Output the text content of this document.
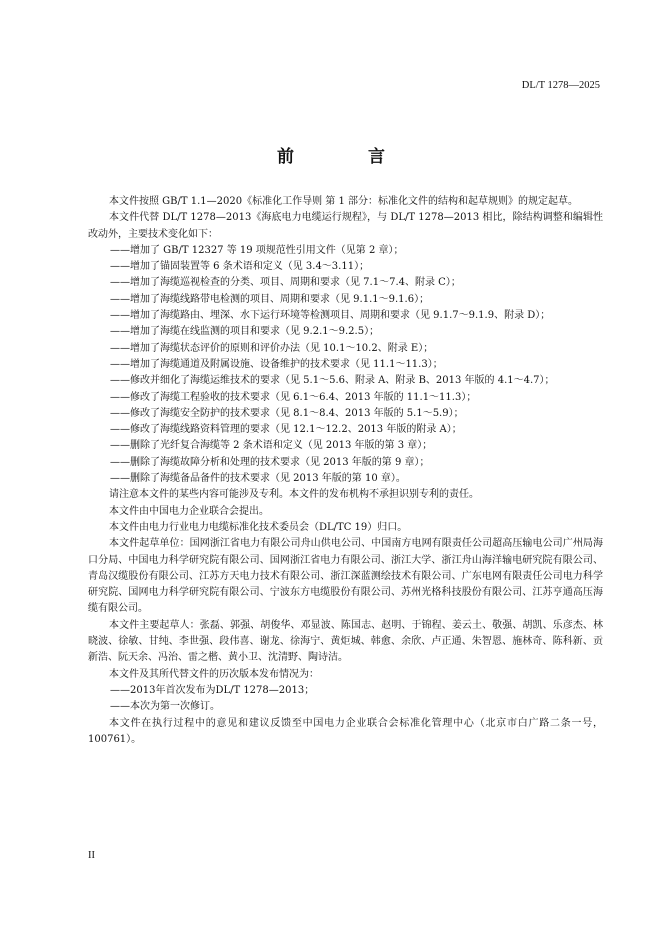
DL/T 1278—2025
前 言

本文件按照 GB/T 1.1—2020《标准化工作导则 第 1 部分：标准化文件的结构和起草规则》的规定起草。

本文件代替 DL/T 1278—2013《海底电力电缆运行规程》，与 DL/T 1278—2013 相比，除结构调整和编辑性改动外，主要技术变化如下：

——增加了 GB/T 12327 等 19 项规范性引用文件（见第 2 章）；

——增加了锚固装置等 6 条术语和定义（见 3.4～3.11）；

——增加了海缆巡视检查的分类、项目、周期和要求（见 7.1～7.4、附录 C）；

——增加了海缆线路带电检测的项目、周期和要求（见 9.1.1～9.1.6）；

——增加了海缆路由、埋深、水下运行环境等检测项目、周期和要求（见 9.1.7～9.1.9、附录 D）；

——增加了海缆在线监测的项目和要求（见 9.2.1～9.2.5）；

——增加了海缆状态评价的原则和评价办法（见 10.1～10.2、附录 E）；

——增加了海缆通道及附属设施、设备维护的技术要求（见 11.1～11.3）；

——修改并细化了海缆运维技术的要求（见 5.1～5.6、附录 A、附录 B、2013 年版的 4.1～4.7）；

——修改了海缆工程验收的技术要求（见 6.1～6.4、2013 年版的 11.1～11.3）；

——修改了海缆安全防护的技术要求（见 8.1～8.4、2013 年版的 5.1～5.9）；

——修改了海缆线路资料管理的要求（见 12.1～12.2、2013 年版的附录 A）；

——删除了光纤复合海缆等 2 条术语和定义（见 2013 年版的第 3 章）；

——删除了海缆故障分析和处理的技术要求（见 2013 年版的第 9 章）；

——删除了海缆备品备件的技术要求（见 2013 年版的第 10 章）。

请注意本文件的某些内容可能涉及专利。本文件的发布机构不承担识别专利的责任。

本文件由中国电力企业联合会提出。

本文件由电力行业电力电缆标准化技术委员会（DL/TC 19）归口。

本文件起草单位：国网浙江省电力有限公司舟山供电公司、中国南方电网有限责任公司超高压输电公司广州局海口分局、中国电力科学研究院有限公司、国网浙江省电力有限公司、浙江大学、浙江舟山海洋输电研究院有限公司、青岛汉缆股份有限公司、江苏方天电力技术有限公司、浙江深蓝测绘技术有限公司、广东电网有限责任公司电力科学研究院、国网电力科学研究院有限公司、宁波东方电缆股份有限公司、苏州光格科技股份有限公司、江苏亨通高压海缆有限公司。

本文件主要起草人：张磊、郭强、胡俊华、邓显波、陈国志、赵明、于锦程、姜云土、敬强、胡凯、乐彦杰、林晓波、徐敏、甘纯、李世强、段伟喜、谢龙、徐海宁、黄炬城、韩愈、余欣、卢正通、朱智恩、施林奇、陈科新、贡新浩、阮天余、冯治、雷之楷、黄小卫、沈清野、陶诗洁。

本文件及其所代替文件的历次版本发布情况为：

——2013年首次发布为DL/T 1278—2013；

——本次为第一次修订。

本文件在执行过程中的意见和建议反馈至中国电力企业联合会标准化管理中心（北京市白广路二条一号，100761）。

II
